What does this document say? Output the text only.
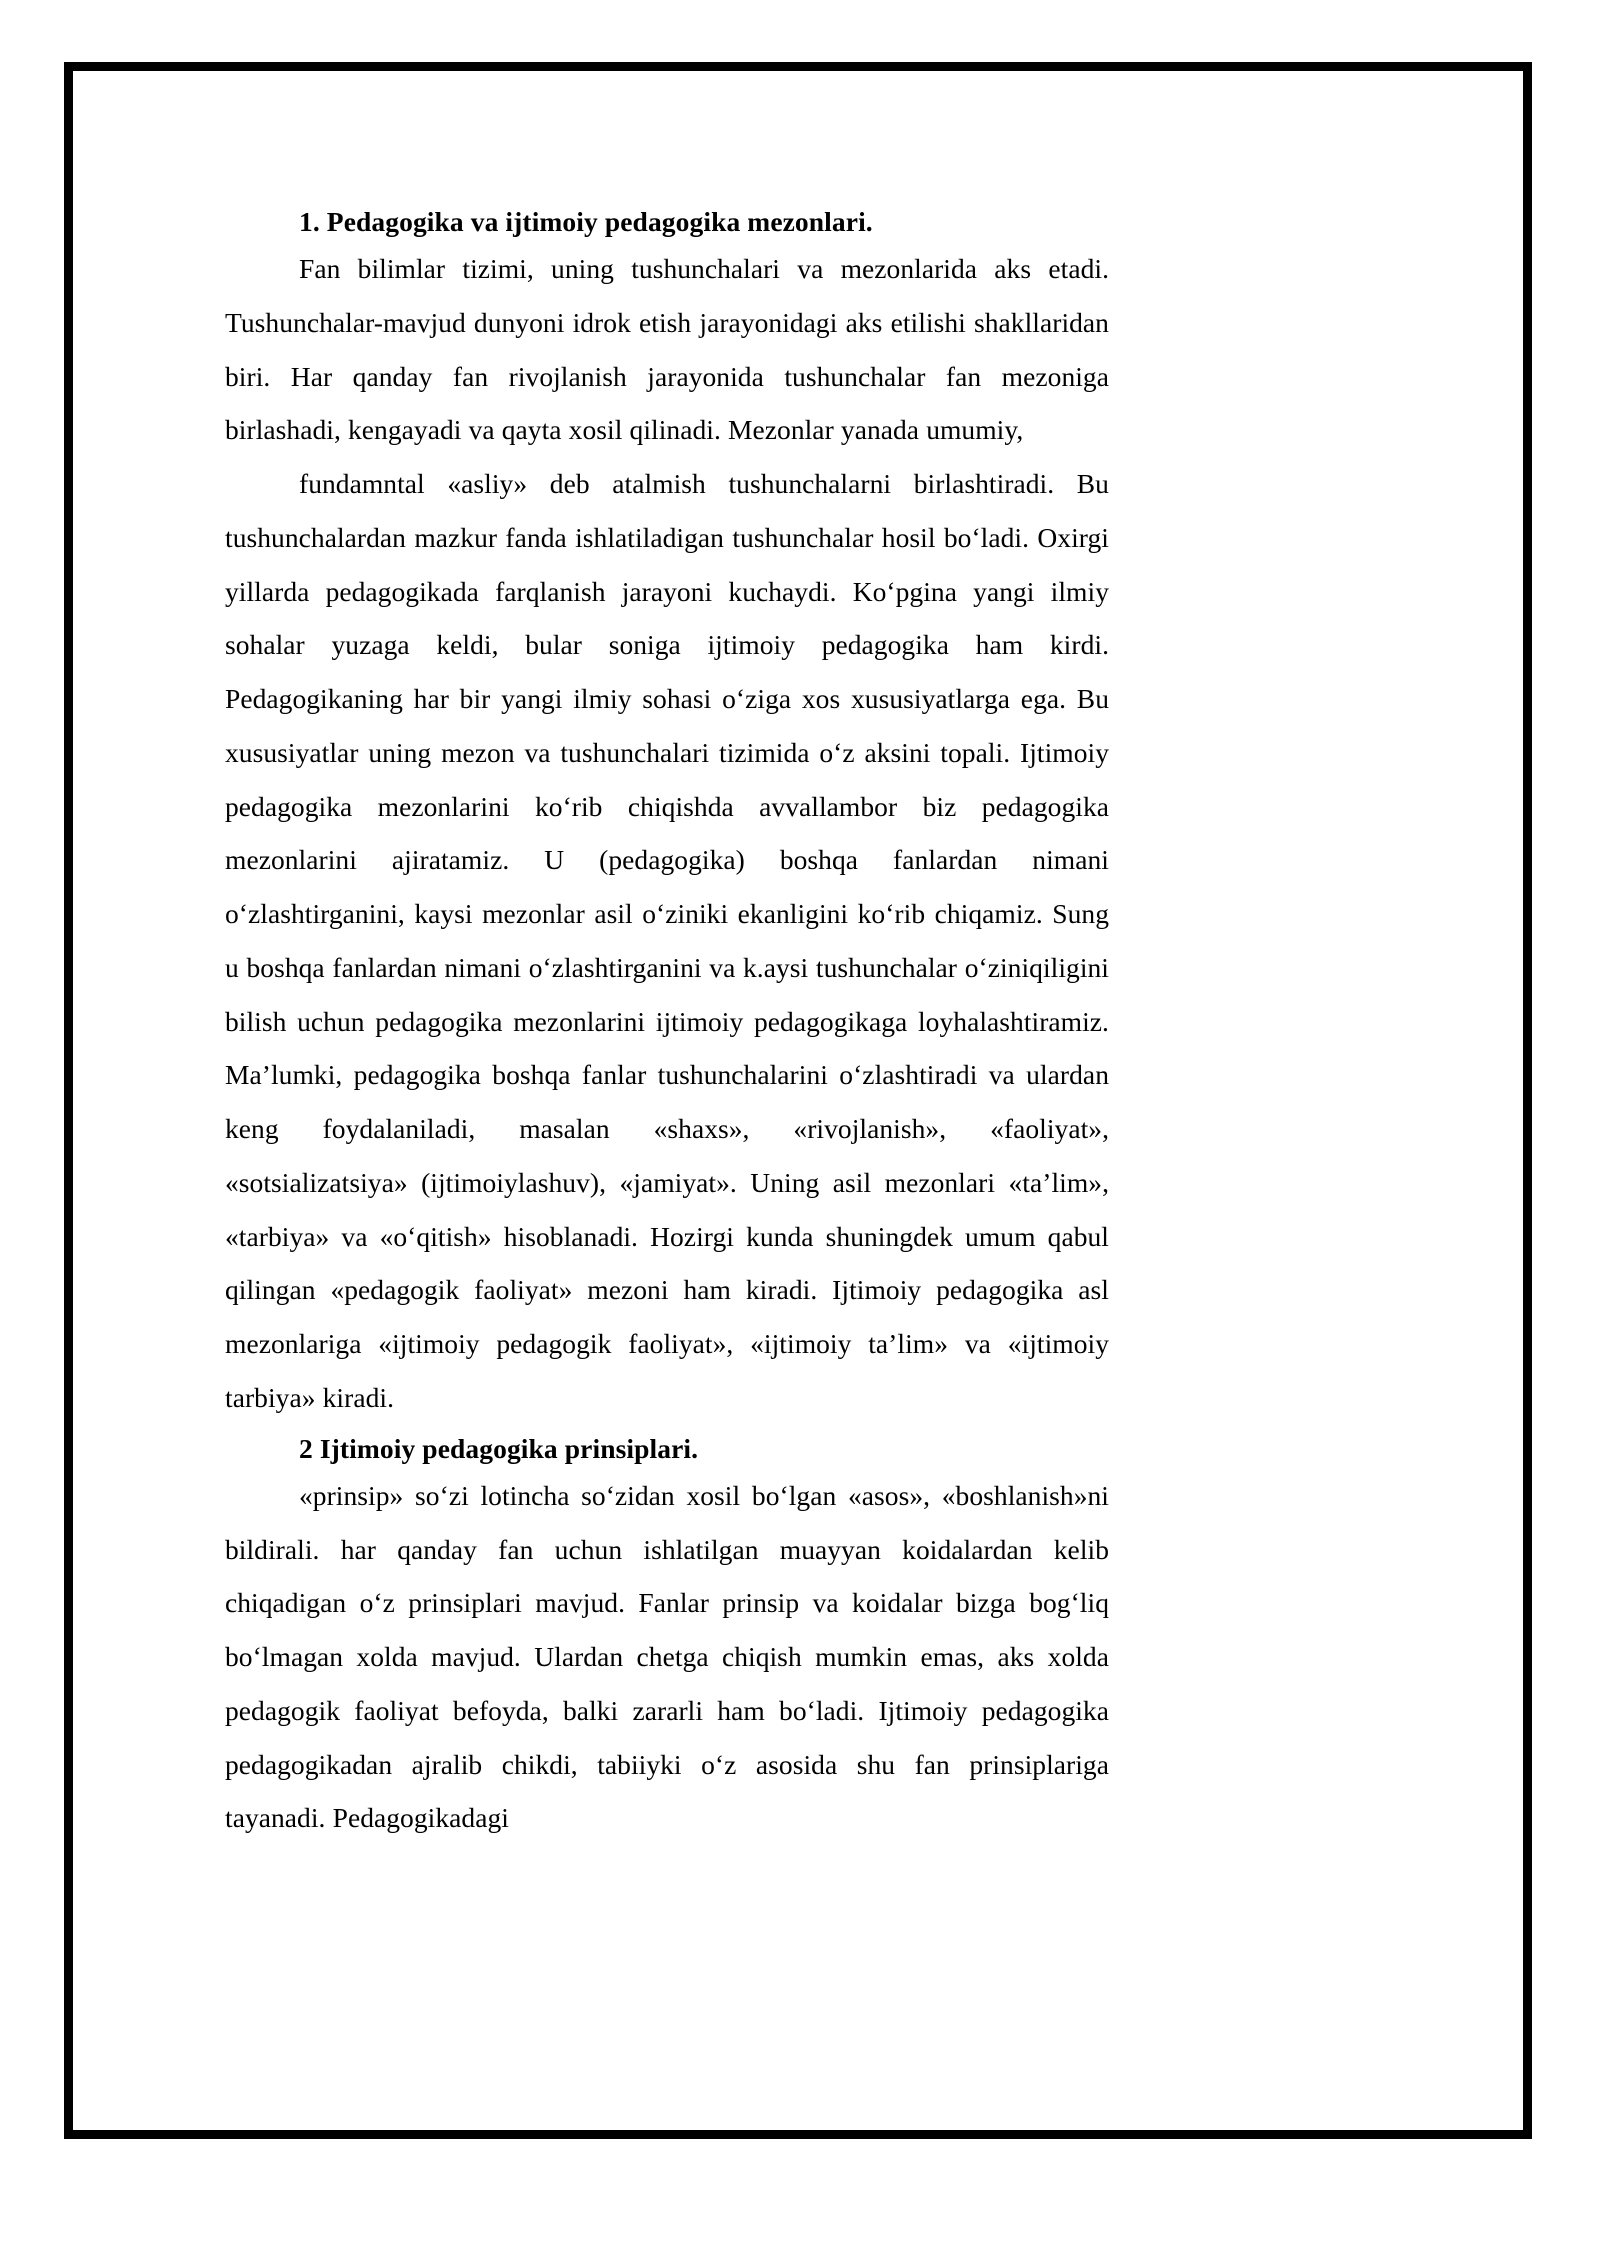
1. Pedagogika va ijtimoiy pedagogika mezonlari.

Fan bilimlar tizimi, uning tushunchalari va mezonlarida aks etadi. Tushunchalar-mavjud dunyoni idrok etish jarayonidagi aks etilishi shakllaridan biri. Har qanday fan rivojlanish jarayonida tushunchalar fan mezoniga birlashadi, kengayadi va qayta xosil qilinadi. Mezonlar yanada umumiy,

fundamntal «asliy» deb atalmish tushunchalarni birlashtiradi. Bu tushunchalardan mazkur fanda ishlatiladigan tushunchalar hosil bo‘ladi. Oxirgi yillarda pedagogikada farqlanish jarayoni kuchaydi. Ko‘pgina yangi ilmiy sohalar yuzaga keldi, bular soniga ijtimoiy pedagogika ham kirdi. Pedagogikaning har bir yangi ilmiy sohasi o‘ziga xos xususiyatlarga ega. Bu xususiyatlar uning mezon va tushunchalari tizimida o‘z aksini topali. Ijtimoiy pedagogika mezonlarini ko‘rib chiqishda avvallambor biz pedagogika mezonlarini ajiratamiz. U (pedagogika) boshqa fanlardan nimani o‘zlashtirganini, kaysi mezonlar asil o‘ziniki ekanligini ko‘rib chiqamiz. Sung u boshqa fanlardan nimani o‘zlashtirganini va k.aysi tushunchalar o‘ziniqiligini bilish uchun pedagogika mezonlarini ijtimoiy pedagogikaga loyhalashtiramiz. Ma’lumki, pedagogika boshqa fanlar tushunchalarini o‘zlashtiradi va ulardan keng foydalaniladi, masalan «shaxs», «rivojlanish», «faoliyat», «sotsializatsiya» (ijtimoiylashuv), «jamiyat». Uning asil mezonlari «ta’lim», «tarbiya» va «o‘qitish» hisoblanadi. Hozirgi kunda shuningdek umum qabul qilingan «pedagogik faoliyat» mezoni ham kiradi. Ijtimoiy pedagogika asl mezonlariga «ijtimoiy pedagogik faoliyat», «ijtimoiy ta’lim» va «ijtimoiy tarbiya» kiradi.

2 Ijtimoiy pedagogika prinsiplari.

«prinsip» so‘zi lotincha so‘zidan xosil bo‘lgan «asos», «boshlanish»ni bildirali. har qanday fan uchun ishlatilgan muayyan koidalardan kelib chiqadigan o‘z prinsiplari mavjud. Fanlar prinsip va koidalar bizga bog‘liq bo‘lmagan xolda mavjud. Ulardan chetga chiqish mumkin emas, aks xolda pedagogik faoliyat befoyda, balki zararli ham bo‘ladi. Ijtimoiy pedagogika pedagogikadan ajralib chikdi, tabiiyki o‘z asosida shu fan prinsiplariga tayanadi. Pedagogikadagi
